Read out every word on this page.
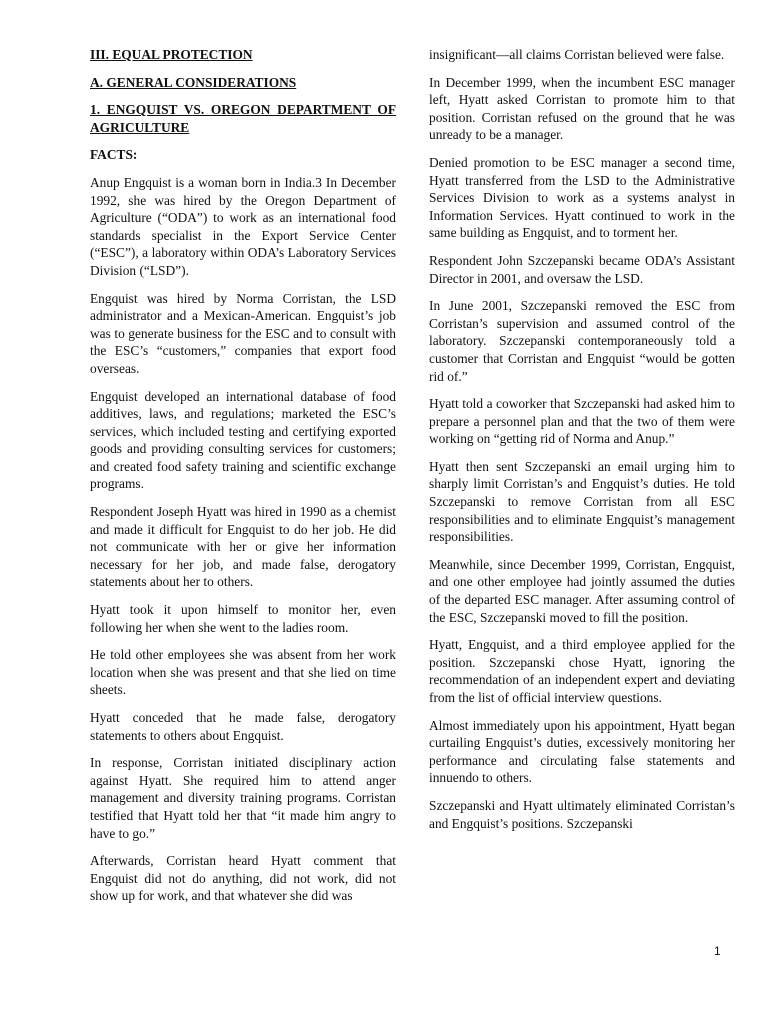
III. EQUAL PROTECTION

A. GENERAL CONSIDERATIONS

1. ENGQUIST VS. OREGON DEPARTMENT OF AGRICULTURE

FACTS:

Anup Engquist is a woman born in India.3 In December 1992, she was hired by the Oregon Department of Agriculture (“ODA”) to work as an international food standards specialist in the Export Service Center (“ESC”), a laboratory within ODA’s Laboratory Services Division (“LSD”).

Engquist was hired by Norma Corristan, the LSD administrator and a Mexican-American. Engquist’s job was to generate business for the ESC and to consult with the ESC’s “customers,” companies that export food overseas.

Engquist developed an international database of food additives, laws, and regulations; marketed the ESC’s services, which included testing and certifying exported goods and providing consulting services for customers; and created food safety training and scientific exchange programs.

Respondent Joseph Hyatt was hired in 1990 as a chemist and made it difficult for Engquist to do her job. He did not communicate with her or give her information necessary for her job, and made false, derogatory statements about her to others.

Hyatt took it upon himself to monitor her, even following her when she went to the ladies room.

He told other employees she was absent from her work location when she was present and that she lied on time sheets.

Hyatt conceded that he made false, derogatory statements to others about Engquist.

In response, Corristan initiated disciplinary action against Hyatt. She required him to attend anger management and diversity training programs. Corristan testified that Hyatt told her that “it made him angry to have to go.”

Afterwards, Corristan heard Hyatt comment that Engquist did not do anything, did not work, did not show up for work, and that whatever she did was

insignificant—all claims Corristan believed were false.

In December 1999, when the incumbent ESC manager left, Hyatt asked Corristan to promote him to that position. Corristan refused on the ground that he was unready to be a manager.

Denied promotion to be ESC manager a second time, Hyatt transferred from the LSD to the Administrative Services Division to work as a systems analyst in Information Services. Hyatt continued to work in the same building as Engquist, and to torment her.

Respondent John Szczepanski became ODA’s Assistant Director in 2001, and oversaw the LSD.

In June 2001, Szczepanski removed the ESC from Corristan’s supervision and assumed control of the laboratory. Szczepanski contemporaneously told a customer that Corristan and Engquist “would be gotten rid of.”

Hyatt told a coworker that Szczepanski had asked him to prepare a personnel plan and that the two of them were working on “getting rid of Norma and Anup.”

Hyatt then sent Szczepanski an email urging him to sharply limit Corristan’s and Engquist’s duties. He told Szczepanski to remove Corristan from all ESC responsibilities and to eliminate Engquist’s management responsibilities.

Meanwhile, since December 1999, Corristan, Engquist, and one other employee had jointly assumed the duties of the departed ESC manager. After assuming control of the ESC, Szczepanski moved to fill the position.

Hyatt, Engquist, and a third employee applied for the position. Szczepanski chose Hyatt, ignoring the recommendation of an independent expert and deviating from the list of official interview questions.

Almost immediately upon his appointment, Hyatt began curtailing Engquist’s duties, excessively monitoring her performance and circulating false statements and innuendo to others.

Szczepanski and Hyatt ultimately eliminated Corristan’s and Engquist’s positions. Szczepanski

1
